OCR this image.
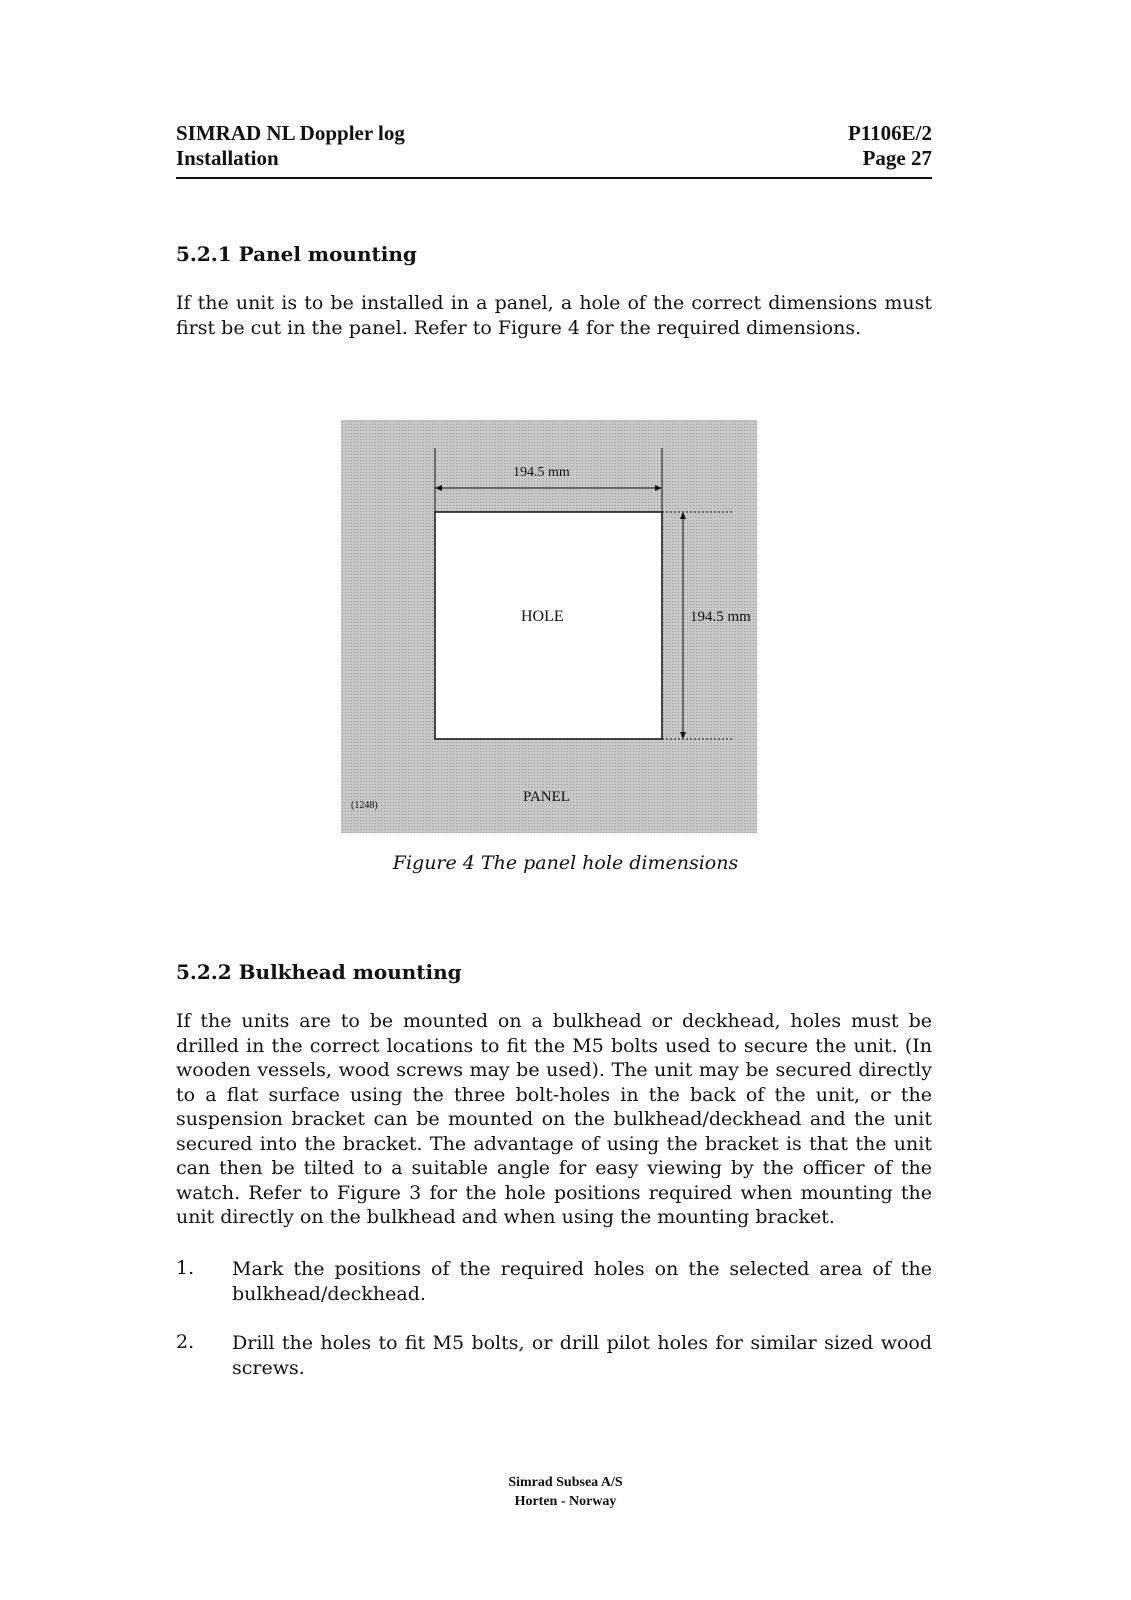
SIMRAD NL Doppler log
Installation
P1106E/2
Page 27
5.2.1 Panel mounting

If the unit is to be installed in a panel, a hole of the correct dimensions must first be cut in the panel. Refer to Figure 4 for the required dimensions.

194.5 mm
194.5 mm
HOLE
PANEL
(1248)
Figure 4 The panel hole dimensions
5.2.2 Bulkhead mounting

If the units are to be mounted on a bulkhead or deckhead, holes must be drilled in the correct locations to fit the M5 bolts used to secure the unit. (In wooden vessels, wood screws may be used). The unit may be secured directly to a flat surface using the three bolt-holes in the back of the unit, or the suspension bracket can be mounted on the bulkhead/deckhead and the unit secured into the bracket. The advantage of using the bracket is that the unit can then be tilted to a suitable angle for easy viewing by the officer of the watch. Refer to Figure 3 for the hole positions required when mounting the unit directly on the bulkhead and when using the mounting bracket.

1. Mark the positions of the required holes on the selected area of the bulkhead/deckhead.
2. Drill the holes to fit M5 bolts, or drill pilot holes for similar sized wood screws.
Simrad Subsea A/S
Horten - Norway
